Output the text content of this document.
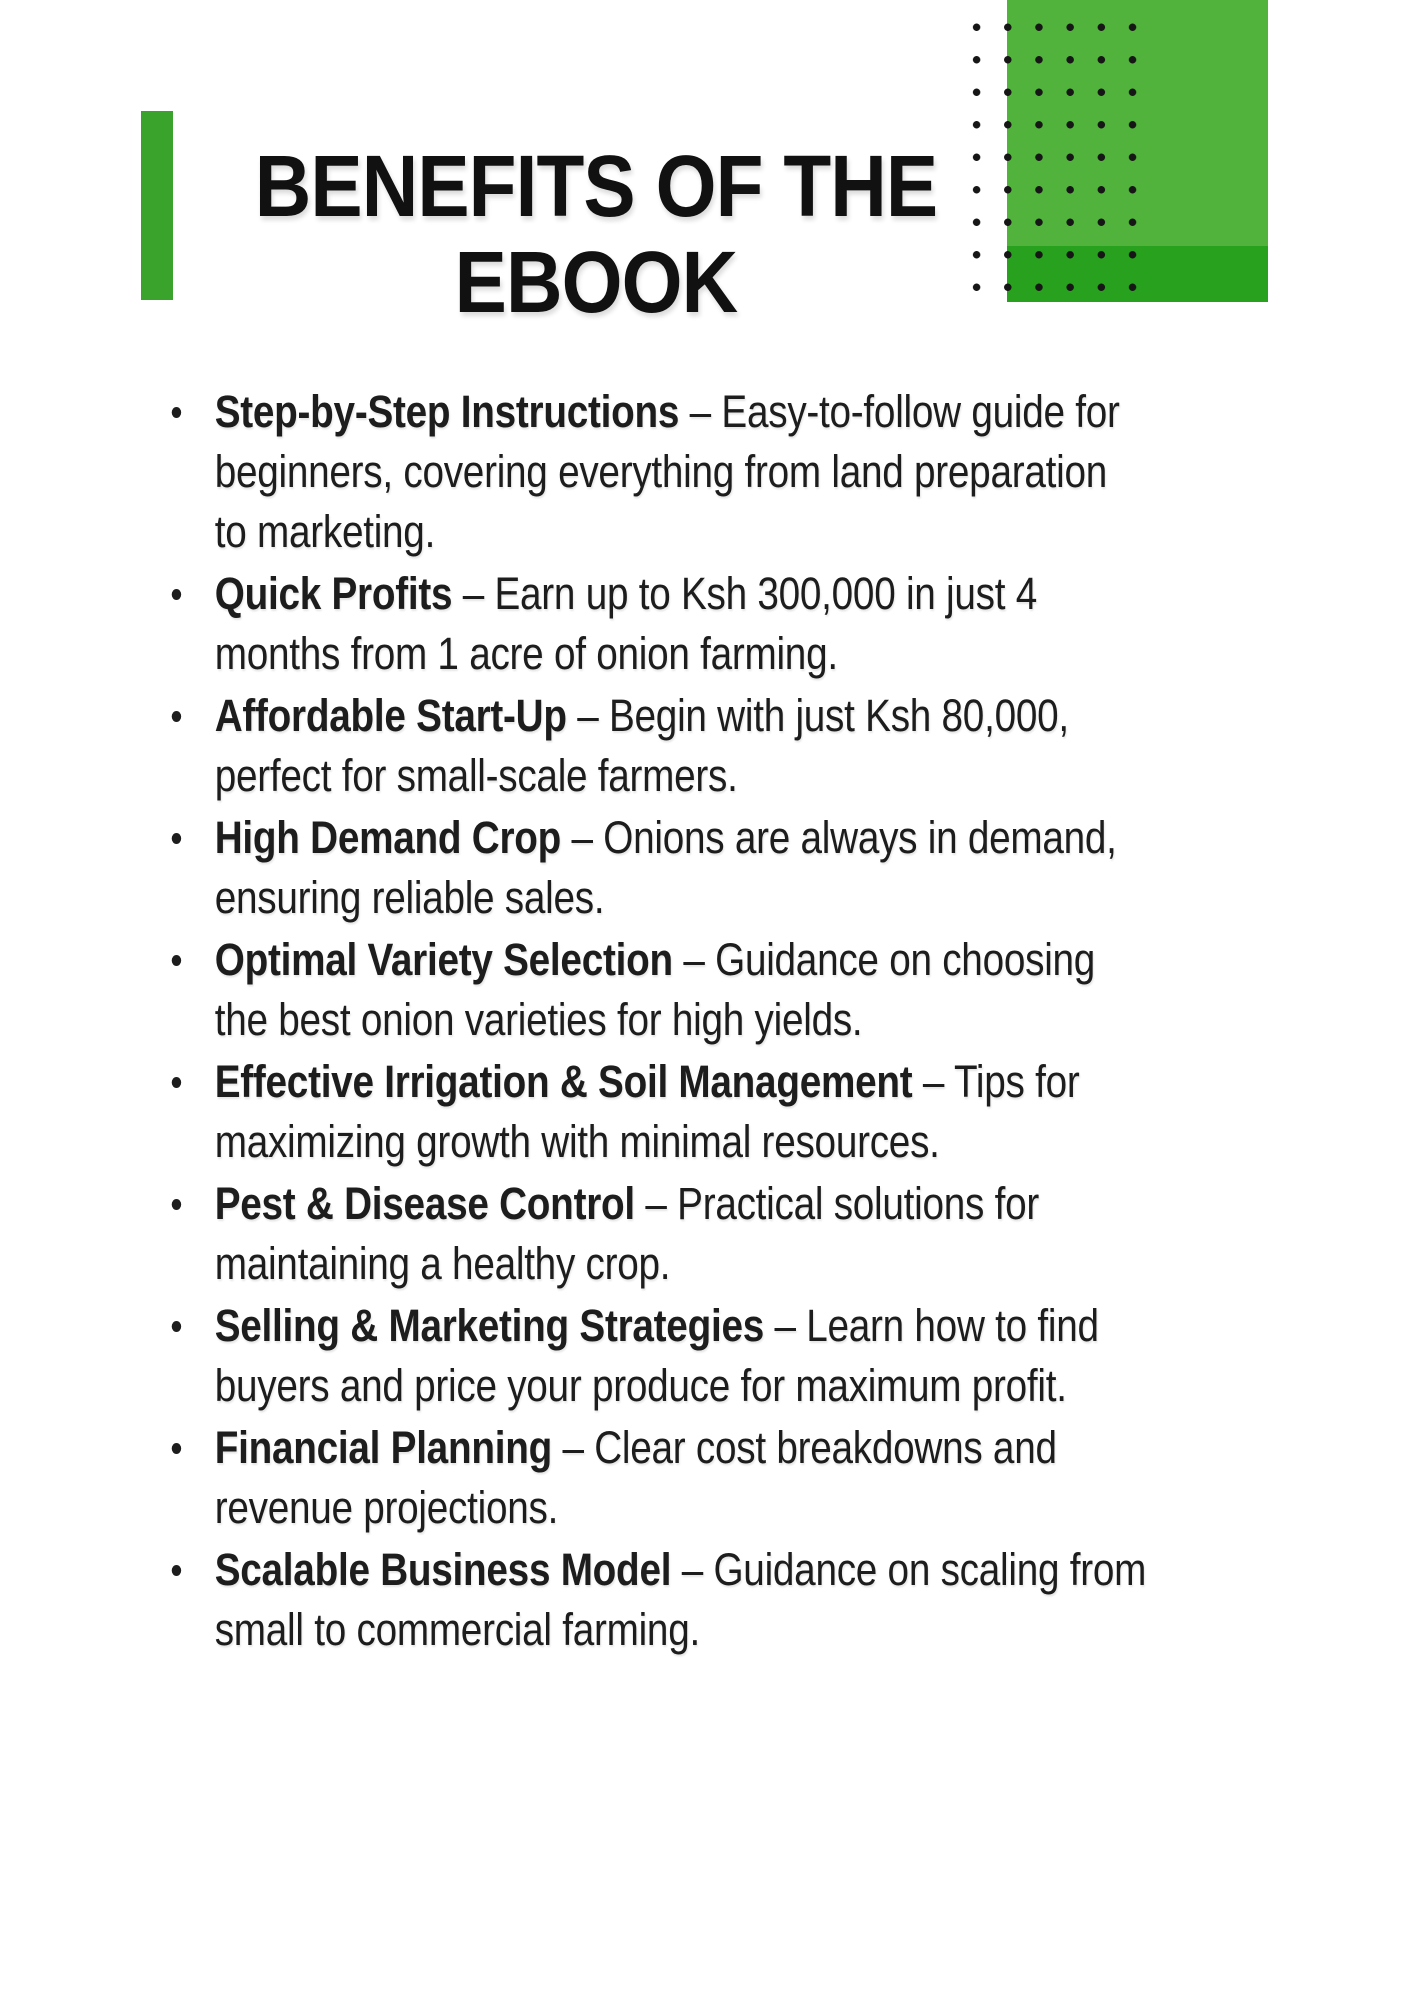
BENEFITS OF THE
EBOOK
Step-by-Step Instructions – Easy-to-follow guide for
beginners, covering everything from land preparation
to marketing.
Quick Profits – Earn up to Ksh 300,000 in just 4
months from 1 acre of onion farming.
Affordable Start-Up – Begin with just Ksh 80,000,
perfect for small-scale farmers.
High Demand Crop – Onions are always in demand,
ensuring reliable sales.
Optimal Variety Selection – Guidance on choosing
the best onion varieties for high yields.
Effective Irrigation & Soil Management – Tips for
maximizing growth with minimal resources.
Pest & Disease Control – Practical solutions for
maintaining a healthy crop.
Selling & Marketing Strategies – Learn how to find
buyers and price your produce for maximum profit.
Financial Planning – Clear cost breakdowns and
revenue projections.
Scalable Business Model – Guidance on scaling from
small to commercial farming.
